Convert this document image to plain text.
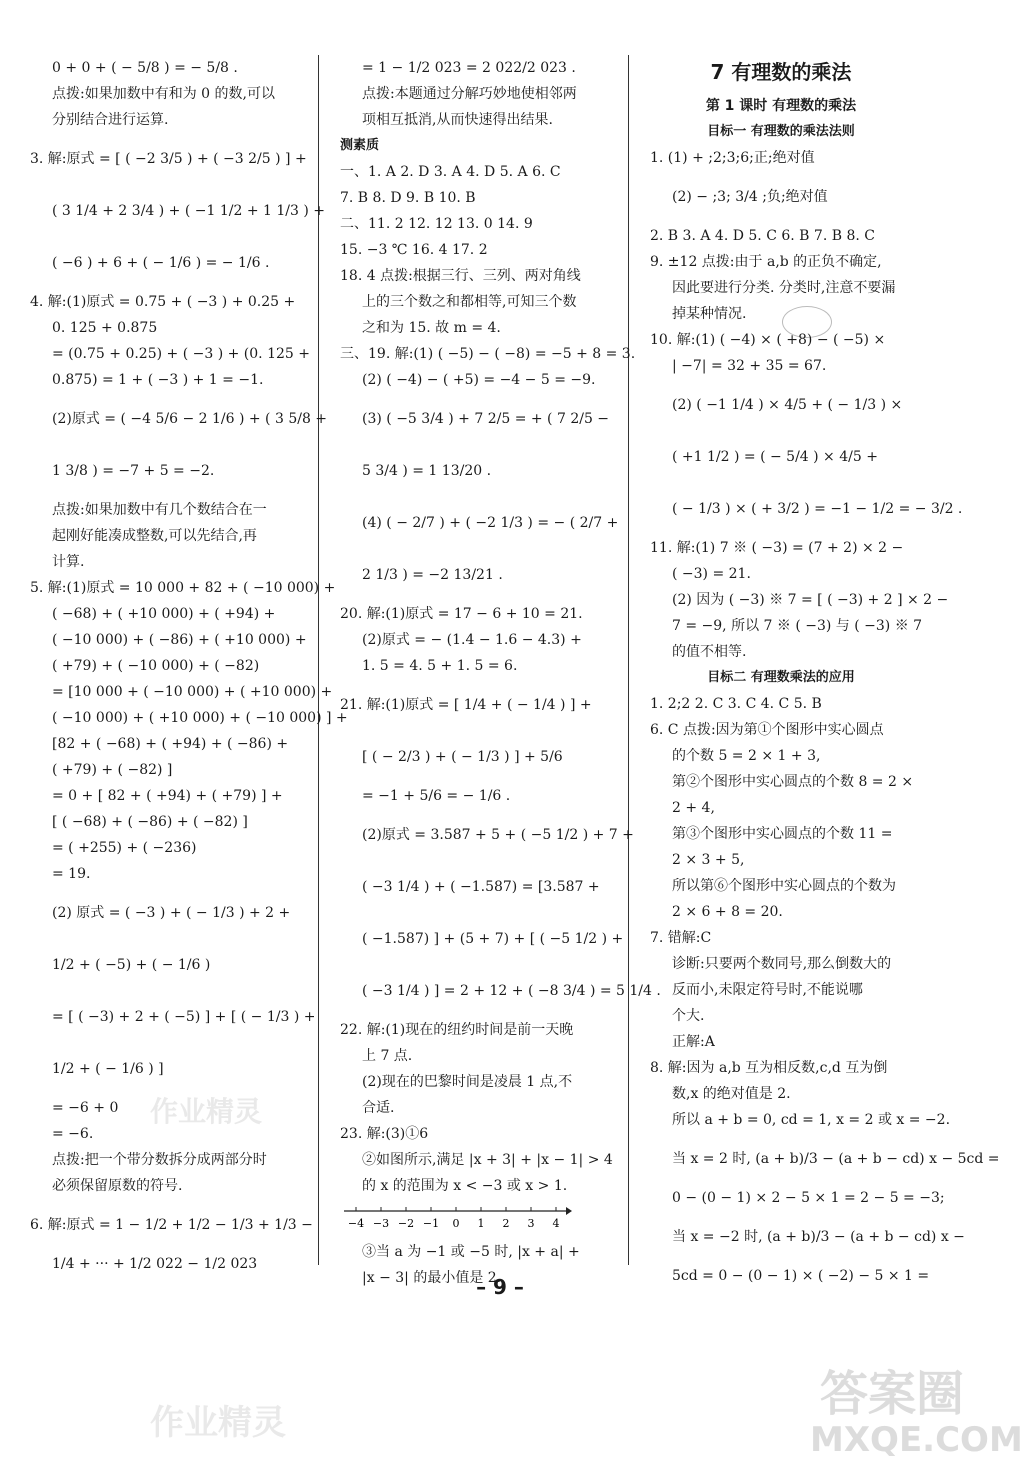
作业精灵
作业精灵
答案圈
MXQE.COM
0 + 0 + ( − 5/8 ) = − 5/8 .
点拨:如果加数中有和为 0 的数,可以
分别结合进行运算.
3. 解:原式 = [ ( −2 3/5 ) + ( −3 2/5 ) ] +
( 3 1/4 + 2 3/4 ) + ( −1 1/2 + 1 1/3 ) +
( −6 ) + 6 + ( − 1/6 ) = − 1/6 .
4. 解:(1)原式 = 0.75 + ( −3 ) + 0.25 +
0. 125 + 0.875
= (0.75 + 0.25) + ( −3 ) + (0. 125 +
0.875) = 1 + ( −3 ) + 1 = −1.
(2)原式 = ( −4 5/6 − 2 1/6 ) + ( 3 5/8 +
1 3/8 ) = −7 + 5 = −2.
点拨:如果加数中有几个数结合在一
起刚好能凑成整数,可以先结合,再
计算.
5. 解:(1)原式 = 10 000 + 82 + ( −10 000) +
( −68) + ( +10 000) + ( +94) +
( −10 000) + ( −86) + ( +10 000) +
( +79) + ( −10 000) + ( −82)
= [10 000 + ( −10 000) + ( +10 000) +
( −10 000) + ( +10 000) + ( −10 000) ] +
[82 + ( −68) + ( +94) + ( −86) +
( +79) + ( −82) ]
= 0 + [ 82 + ( +94) + ( +79) ] +
[ ( −68) + ( −86) + ( −82) ]
= ( +255) + ( −236)
= 19.
(2) 原式 = ( −3 ) + ( − 1/3 ) + 2 +
1/2 + ( −5) + ( − 1/6 )
= [ ( −3) + 2 + ( −5) ] + [ ( − 1/3 ) +
1/2 + ( − 1/6 ) ]
= −6 + 0
= −6.
点拨:把一个带分数拆分成两部分时
必须保留原数的符号.
6. 解:原式 = 1 − 1/2 + 1/2 − 1/3 + 1/3 −
1/4 + ··· + 1/2 022 − 1/2 023
= 1 − 1/2 023 = 2 022/2 023 .
点拨:本题通过分解巧妙地使相邻两
项相互抵消,从而快速得出结果.
测素质
一、1. A 2. D 3. A 4. D 5. A 6. C
7. B 8. D 9. B 10. B
二、11. 2 12. 12 13. 0 14. 9
15. −3 ℃ 16. 4 17. 2
18. 4 点拨:根据三行、三列、两对角线
上的三个数之和都相等,可知三个数
之和为 15. 故 m = 4.
三、19. 解:(1) ( −5) − ( −8) = −5 + 8 = 3.
(2) ( −4) − ( +5) = −4 − 5 = −9.
(3) ( −5 3/4 ) + 7 2/5 = + ( 7 2/5 −
5 3/4 ) = 1 13/20 .
(4) ( − 2/7 ) + ( −2 1/3 ) = − ( 2/7 +
2 1/3 ) = −2 13/21 .
20. 解:(1)原式 = 17 − 6 + 10 = 21.
(2)原式 = − (1.4 − 1.6 − 4.3) +
1. 5 = 4. 5 + 1. 5 = 6.
21. 解:(1)原式 = [ 1/4 + ( − 1/4 ) ] +
[ ( − 2/3 ) + ( − 1/3 ) ] + 5/6
= −1 + 5/6 = − 1/6 .
(2)原式 = 3.587 + 5 + ( −5 1/2 ) + 7 +
( −3 1/4 ) + ( −1.587) = [3.587 +
( −1.587) ] + (5 + 7) + [ ( −5 1/2 ) +
( −3 1/4 ) ] = 2 + 12 + ( −8 3/4 ) = 5 1/4 .
22. 解:(1)现在的纽约时间是前一天晚
上 7 点.
(2)现在的巴黎时间是凌晨 1 点,不
合适.
23. 解:(3)①6
②如图所示,满足 |x + 3| + |x − 1| > 4
的 x 的范围为 x < −3 或 x > 1.
−4 −3 −2 −1 0 1 2 3 4
③当 a 为 −1 或 −5 时, |x + a| +
|x − 3| 的最小值是 2.
7 有理数的乘法
第 1 课时 有理数的乘法
目标一 有理数的乘法法则
1. (1) + ;2;3;6;正;绝对值
(2) − ;3; 3/4 ;负;绝对值
2. B 3. A 4. D 5. C 6. B 7. B 8. C
9. ±12 点拨:由于 a,b 的正负不确定,
因此要进行分类. 分类时,注意不要漏
掉某种情况.
10. 解:(1) ( −4) × ( +8) − ( −5) ×
| −7| = 32 + 35 = 67.
(2) ( −1 1/4 ) × 4/5 + ( − 1/3 ) ×
( +1 1/2 ) = ( − 5/4 ) × 4/5 +
( − 1/3 ) × ( + 3/2 ) = −1 − 1/2 = − 3/2 .
11. 解:(1) 7 ※ ( −3) = (7 + 2) × 2 −
( −3) = 21.
(2) 因为 ( −3) ※ 7 = [ ( −3) + 2 ] × 2 −
7 = −9, 所以 7 ※ ( −3) 与 ( −3) ※ 7
的值不相等.
目标二 有理数乘法的应用
1. 2;2 2. C 3. C 4. C 5. B
6. C 点拨:因为第①个图形中实心圆点
的个数 5 = 2 × 1 + 3,
第②个图形中实心圆点的个数 8 = 2 ×
2 + 4,
第③个图形中实心圆点的个数 11 =
2 × 3 + 5,
所以第⑥个图形中实心圆点的个数为
2 × 6 + 8 = 20.
7. 错解:C
诊断:只要两个数同号,那么倒数大的
反而小,未限定符号时,不能说哪
个大.
正解:A
8. 解:因为 a,b 互为相反数,c,d 互为倒
数,x 的绝对值是 2.
所以 a + b = 0, cd = 1, x = 2 或 x = −2.
当 x = 2 时, (a + b)/3 − (a + b − cd) x − 5cd =
0 − (0 − 1) × 2 − 5 × 1 = 2 − 5 = −3;
当 x = −2 时, (a + b)/3 − (a + b − cd) x −
5cd = 0 − (0 − 1) × ( −2) − 5 × 1 =
– 9 –
